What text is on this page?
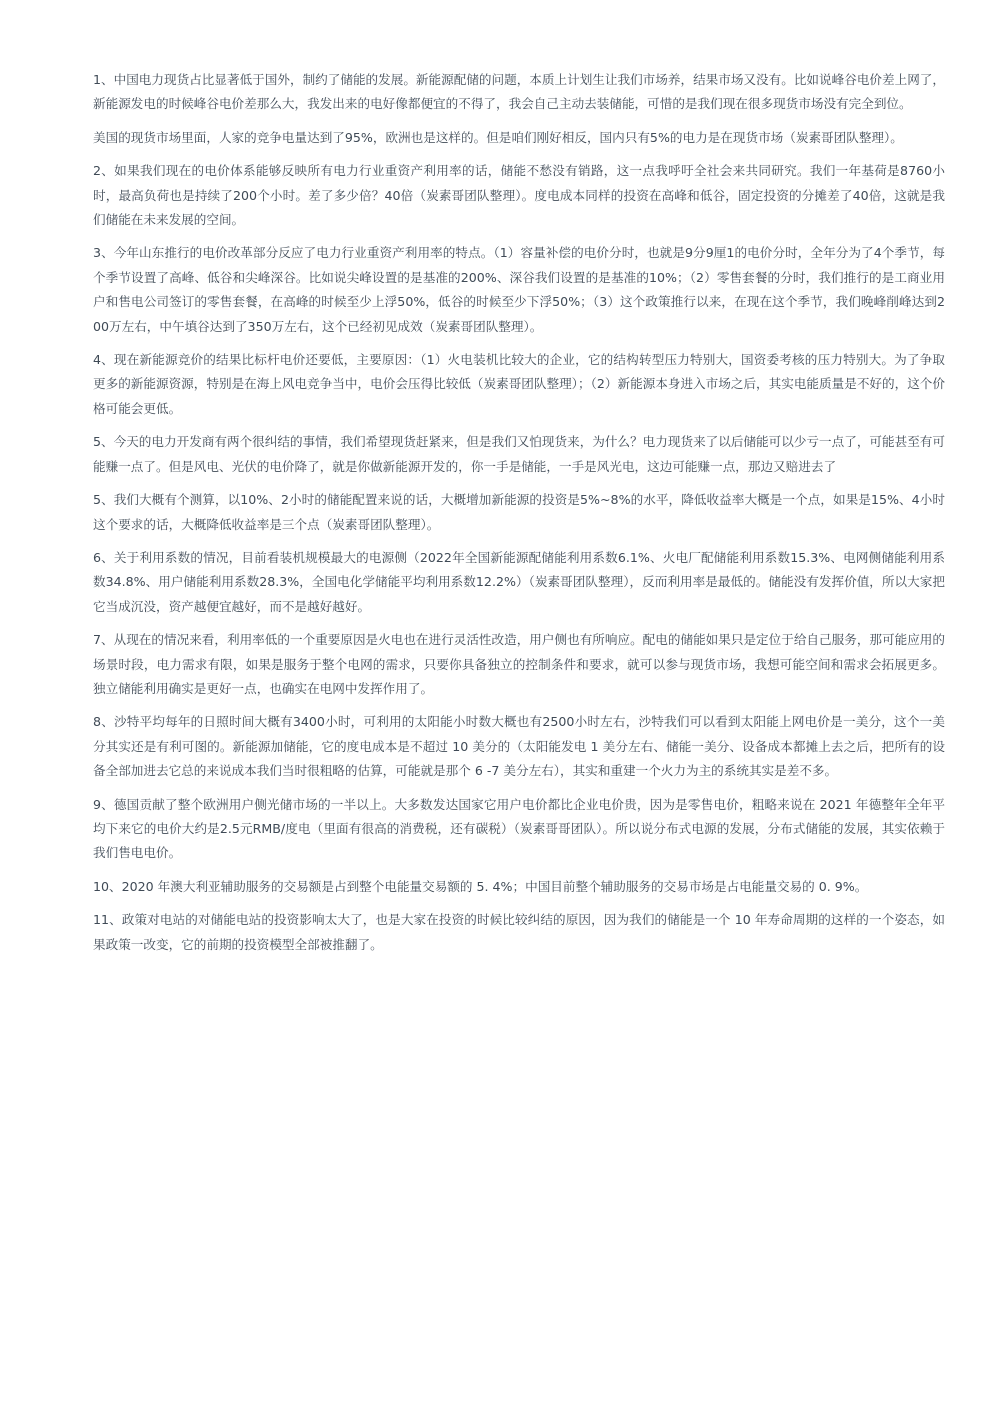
1、中国电力现货占比显著低于国外，制约了储能的发展。新能源配储的问题，本质上计划生让我们市场养，结果市场又没有。比如说峰谷电价差上网了，新能源发电的时候峰谷电价差那么大，我发出来的电好像都便宜的不得了，我会自己主动去装储能，可惜的是我们现在很多现货市场没有完全到位。

美国的现货市场里面，人家的竞争电量达到了95%，欧洲也是这样的。但是咱们刚好相反，国内只有5%的电力是在现货市场（炭素哥团队整理）。

2、如果我们现在的电价体系能够反映所有电力行业重资产利用率的话，储能不愁没有销路，这一点我呼吁全社会来共同研究。我们一年基荷是8760小时，最高负荷也是持续了200个小时。差了多少倍？40倍（炭素哥团队整理）。度电成本同样的投资在高峰和低谷，固定投资的分摊差了40倍，这就是我们储能在未来发展的空间。

3、今年山东推行的电价改革部分反应了电力行业重资产利用率的特点。（1）容量补偿的电价分时，也就是9分9厘1的电价分时，全年分为了4个季节，每个季节设置了高峰、低谷和尖峰深谷。比如说尖峰设置的是基准的200%、深谷我们设置的是基准的10%；（2）零售套餐的分时，我们推行的是工商业用户和售电公司签订的零售套餐，在高峰的时候至少上浮50%，低谷的时候至少下浮50%；（3）这个政策推行以来，在现在这个季节，我们晚峰削峰达到200万左右，中午填谷达到了350万左右，这个已经初见成效（炭素哥团队整理）。

4、现在新能源竞价的结果比标杆电价还要低，主要原因：（1）火电装机比较大的企业，它的结构转型压力特别大，国资委考核的压力特别大。为了争取更多的新能源资源，特别是在海上风电竞争当中，电价会压得比较低（炭素哥团队整理）；（2）新能源本身进入市场之后，其实电能质量是不好的，这个价格可能会更低。

5、今天的电力开发商有两个很纠结的事情，我们希望现货赶紧来，但是我们又怕现货来，为什么？电力现货来了以后储能可以少亏一点了，可能甚至有可能赚一点了。但是风电、光伏的电价降了，就是你做新能源开发的，你一手是储能，一手是风光电，这边可能赚一点，那边又赔进去了

5、我们大概有个测算，以10%、2小时的储能配置来说的话，大概增加新能源的投资是5%~8%的水平，降低收益率大概是一个点，如果是15%、4小时这个要求的话，大概降低收益率是三个点（炭素哥团队整理）。

6、关于利用系数的情况，目前看装机规模最大的电源侧（2022年全国新能源配储能利用系数6.1%、火电厂配储能利用系数15.3%、电网侧储能利用系数34.8%、用户储能利用系数28.3%，全国电化学储能平均利用系数12.2%）（炭素哥团队整理），反而利用率是最低的。储能没有发挥价值，所以大家把它当成沉没，资产越便宜越好，而不是越好越好。

7、从现在的情况来看，利用率低的一个重要原因是火电也在进行灵活性改造，用户侧也有所响应。配电的储能如果只是定位于给自己服务，那可能应用的场景时段，电力需求有限，如果是服务于整个电网的需求，只要你具备独立的控制条件和要求，就可以参与现货市场，我想可能空间和需求会拓展更多。独立储能利用确实是更好一点，也确实在电网中发挥作用了。

8、沙特平均每年的日照时间大概有3400小时，可利用的太阳能小时数大概也有2500小时左右，沙特我们可以看到太阳能上网电价是一美分，这个一美分其实还是有利可图的。新能源加储能，它的度电成本是不超过 10 美分的（太阳能发电 1 美分左右、储能一美分、设备成本都摊上去之后，把所有的设备全部加进去它总的来说成本我们当时很粗略的估算，可能就是那个 6 -7 美分左右），其实和重建一个火力为主的系统其实是差不多。

9、德国贡献了整个欧洲用户侧光储市场的一半以上。大多数发达国家它用户电价都比企业电价贵，因为是零售电价，粗略来说在 2021 年德整年全年平均下来它的电价大约是2.5元RMB/度电（里面有很高的消费税，还有碳税）（炭素哥哥团队）。所以说分布式电源的发展，分布式储能的发展，其实依赖于我们售电电价。

10、2020 年澳大利亚辅助服务的交易额是占到整个电能量交易额的 5. 4%；中国目前整个辅助服务的交易市场是占电能量交易的 0. 9%。

11、政策对电站的对储能电站的投资影响太大了，也是大家在投资的时候比较纠结的原因，因为我们的储能是一个 10 年寿命周期的这样的一个姿态，如果政策一改变，它的前期的投资模型全部被推翻了。
